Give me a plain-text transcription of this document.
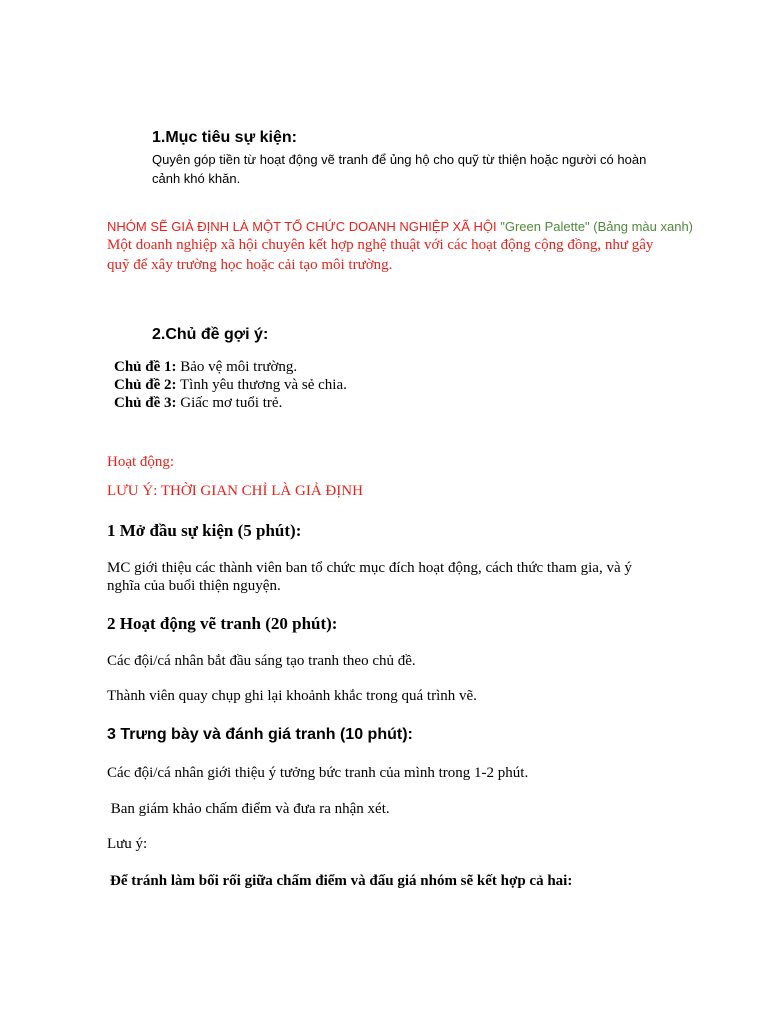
1.Mục tiêu sự kiện:
Quyên góp tiền từ hoạt động vẽ tranh để ủng hộ cho quỹ từ thiện hoặc người có hoàn
cảnh khó khăn.
NHÓM SẼ GIẢ ĐỊNH LÀ MỘT TỔ CHỨC DOANH NGHIỆP XÃ HỘI "Green Palette" (Bảng màu xanh)
Một doanh nghiệp xã hội chuyên kết hợp nghệ thuật với các hoạt động cộng đồng, như gây
quỹ để xây trường học hoặc cải tạo môi trường.
2.Chủ đề gợi ý:
Chủ đề 1: Bảo vệ môi trường.
Chủ đề 2: Tình yêu thương và sẻ chia.
Chủ đề 3: Giấc mơ tuổi trẻ.
Hoạt động:
LƯU Ý: THỜI GIAN CHỈ LÀ GIẢ ĐỊNH
1 Mở đầu sự kiện (5 phút):
MC giới thiệu các thành viên ban tổ chức mục đích hoạt động, cách thức tham gia, và ý
nghĩa của buổi thiện nguyện.
2 Hoạt động vẽ tranh (20 phút):
Các đội/cá nhân bắt đầu sáng tạo tranh theo chủ đề.
Thành viên quay chụp ghi lại khoảnh khắc trong quá trình vẽ.
3 Trưng bày và đánh giá tranh (10 phút):
Các đội/cá nhân giới thiệu ý tưởng bức tranh của mình trong 1-2 phút.
Ban giám khảo chấm điểm và đưa ra nhận xét.
Lưu ý:
Để tránh làm bối rối giữa chấm điểm và đấu giá nhóm sẽ kết hợp cả hai:
